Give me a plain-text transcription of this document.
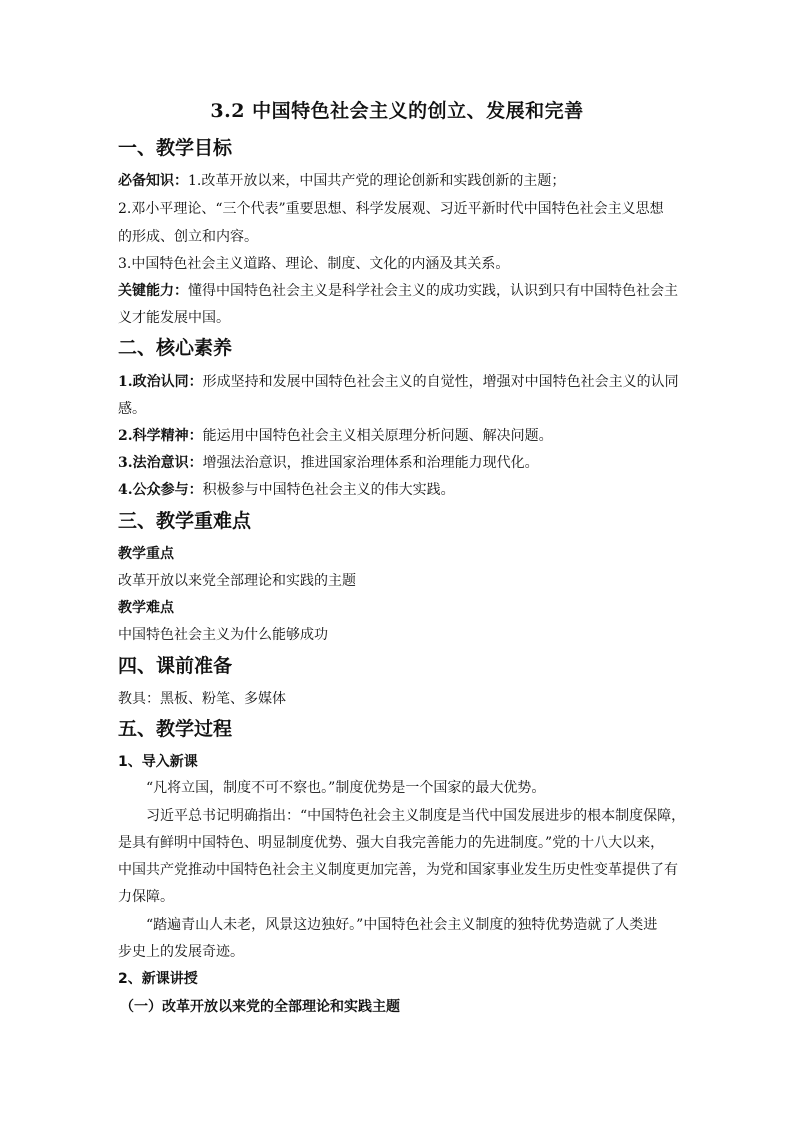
3.2 中国特色社会主义的创立、发展和完善
一、教学目标
必备知识：1.改革开放以来，中国共产党的理论创新和实践创新的主题；
2.邓小平理论、“三个代表”重要思想、科学发展观、习近平新时代中国特色社会主义思想
的形成、创立和内容。
3.中国特色社会主义道路、理论、制度、文化的内涵及其关系。
关键能力：懂得中国特色社会主义是科学社会主义的成功实践，认识到只有中国特色社会主
义才能发展中国。
二、核心素养
1.政治认同：形成坚持和发展中国特色社会主义的自觉性，增强对中国特色社会主义的认同
感。
2.科学精神：能运用中国特色社会主义相关原理分析问题、解决问题。
3.法治意识：增强法治意识，推进国家治理体系和治理能力现代化。
4.公众参与：积极参与中国特色社会主义的伟大实践。
三、教学重难点
教学重点
改革开放以来党全部理论和实践的主题
教学难点
中国特色社会主义为什么能够成功
四、课前准备
教具：黑板、粉笔、多媒体
五、教学过程
1、导入新课
“凡将立国，制度不可不察也。”制度优势是一个国家的最大优势。
习近平总书记明确指出：“中国特色社会主义制度是当代中国发展进步的根本制度保障，
是具有鲜明中国特色、明显制度优势、强大自我完善能力的先进制度。”党的十八大以来，
中国共产党推动中国特色社会主义制度更加完善，为党和国家事业发生历史性变革提供了有
力保障。
“踏遍青山人未老，风景这边独好。”中国特色社会主义制度的独特优势造就了人类进
步史上的发展奇迹。
2、新课讲授
（一）改革开放以来党的全部理论和实践主题
